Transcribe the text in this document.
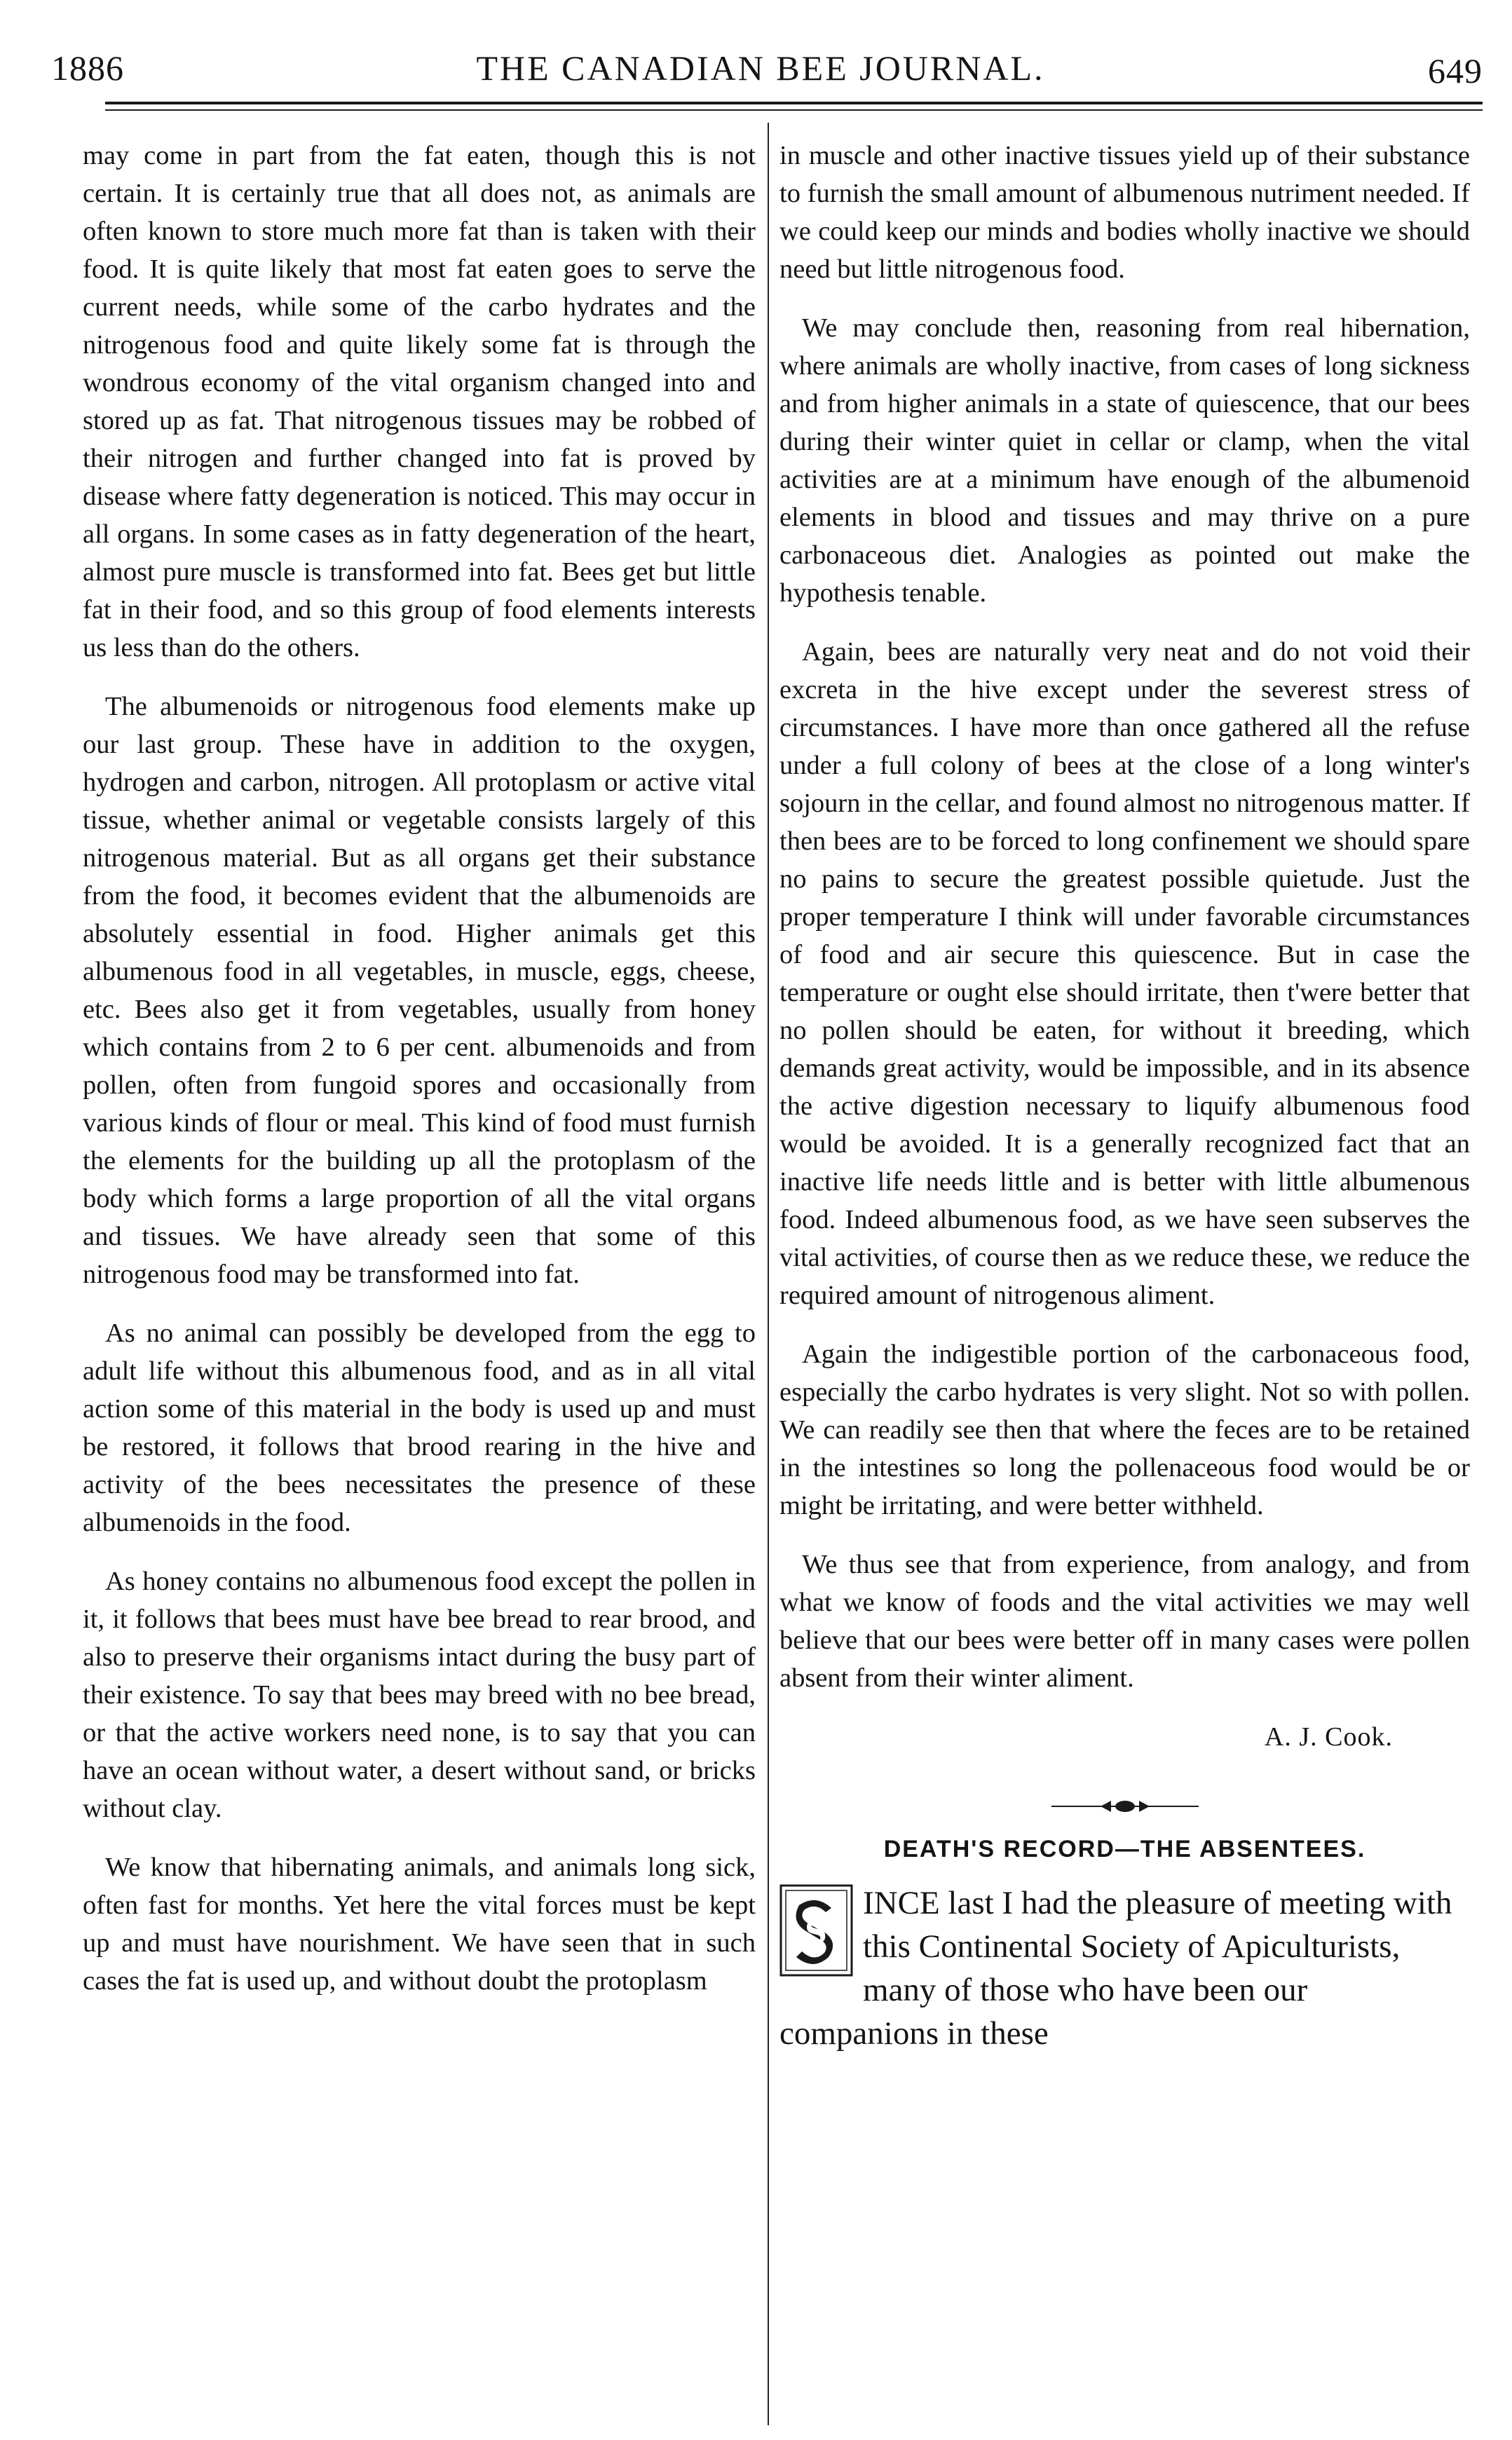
1886	THE CANADIAN BEE JOURNAL.	649

may come in part from the fat eaten, though this is not certain. It is certainly true that all does not, as animals are often known to store much more fat than is taken with their food. It is quite likely that most fat eaten goes to serve the current needs, while some of the carbo hydrates and the nitrogenous food and quite likely some fat is through the wondrous economy of the vital organism changed into and stored up as fat. That nitrogenous tissues may be robbed of their nitrogen and further changed into fat is proved by disease where fatty degeneration is noticed. This may occur in all organs. In some cases as in fatty degeneration of the heart, almost pure muscle is transformed into fat. Bees get but little fat in their food, and so this group of food elements interests us less than do the others.

The albumenoids or nitrogenous food elements make up our last group. These have in addition to the oxygen, hydrogen and carbon, nitrogen. All protoplasm or active vital tissue, whether animal or vegetable consists largely of this nitrogenous material. But as all organs get their substance from the food, it becomes evident that the albumenoids are absolutely essential in food. Higher animals get this albumenous food in all vegetables, in muscle, eggs, cheese, etc. Bees also get it from vegetables, usually from honey which contains from 2 to 6 per cent. albumenoids and from pollen, often from fungoid spores and occasionally from various kinds of flour or meal. This kind of food must furnish the elements for the building up all the protoplasm of the body which forms a large proportion of all the vital organs and tissues. We have already seen that some of this nitrogenous food may be transformed into fat.

As no animal can possibly be developed from the egg to adult life without this albumenous food, and as in all vital action some of this material in the body is used up and must be restored, it follows that brood rearing in the hive and activity of the bees necessitates the presence of these albumenoids in the food.

As honey contains no albumenous food except the pollen in it, it follows that bees must have bee bread to rear brood, and also to preserve their organisms intact during the busy part of their existence. To say that bees may breed with no bee bread, or that the active workers need none, is to say that you can have an ocean without water, a desert without sand, or bricks without clay.

We know that hibernating animals, and animals long sick, often fast for months. Yet here the vital forces must be kept up and must have nourishment. We have seen that in such cases the fat is used up, and without doubt the protoplasm

in muscle and other inactive tissues yield up of their substance to furnish the small amount of albumenous nutriment needed. If we could keep our minds and bodies wholly inactive we should need but little nitrogenous food.

We may conclude then, reasoning from real hibernation, where animals are wholly inactive, from cases of long sickness and from higher animals in a state of quiescence, that our bees during their winter quiet in cellar or clamp, when the vital activities are at a minimum have enough of the albumenoid elements in blood and tissues and may thrive on a pure carbonaceous diet. Analogies as pointed out make the hypothesis tenable.

Again, bees are naturally very neat and do not void their excreta in the hive except under the severest stress of circumstances. I have more than once gathered all the refuse under a full colony of bees at the close of a long winter's sojourn in the cellar, and found almost no nitrogenous matter. If then bees are to be forced to long confinement we should spare no pains to secure the greatest possible quietude. Just the proper temperature I think will under favorable circumstances of food and air secure this quiescence. But in case the temperature or ought else should irritate, then t'were better that no pollen should be eaten, for without it breeding, which demands great activity, would be impossible, and in its absence the active digestion necessary to liquify albumenous food would be avoided. It is a generally recognized fact that an inactive life needs little and is better with little albumenous food. Indeed albumenous food, as we have seen subserves the vital activities, of course then as we reduce these, we reduce the required amount of nitrogenous aliment.

Again the indigestible portion of the carbonaceous food, especially the carbo hydrates is very slight. Not so with pollen. We can readily see then that where the feces are to be retained in the intestines so long the pollenaceous food would be or might be irritating, and were better withheld.

We thus see that from experience, from analogy, and from what we know of foods and the vital activities we may well believe that our bees were better off in many cases were pollen absent from their winter aliment.

A. J. Cook.
DEATH'S RECORD—THE ABSENTEES.
S

INCE last I had the pleasure of meeting with this Continental Society of Apiculturists, many of those who have been our companions in these
